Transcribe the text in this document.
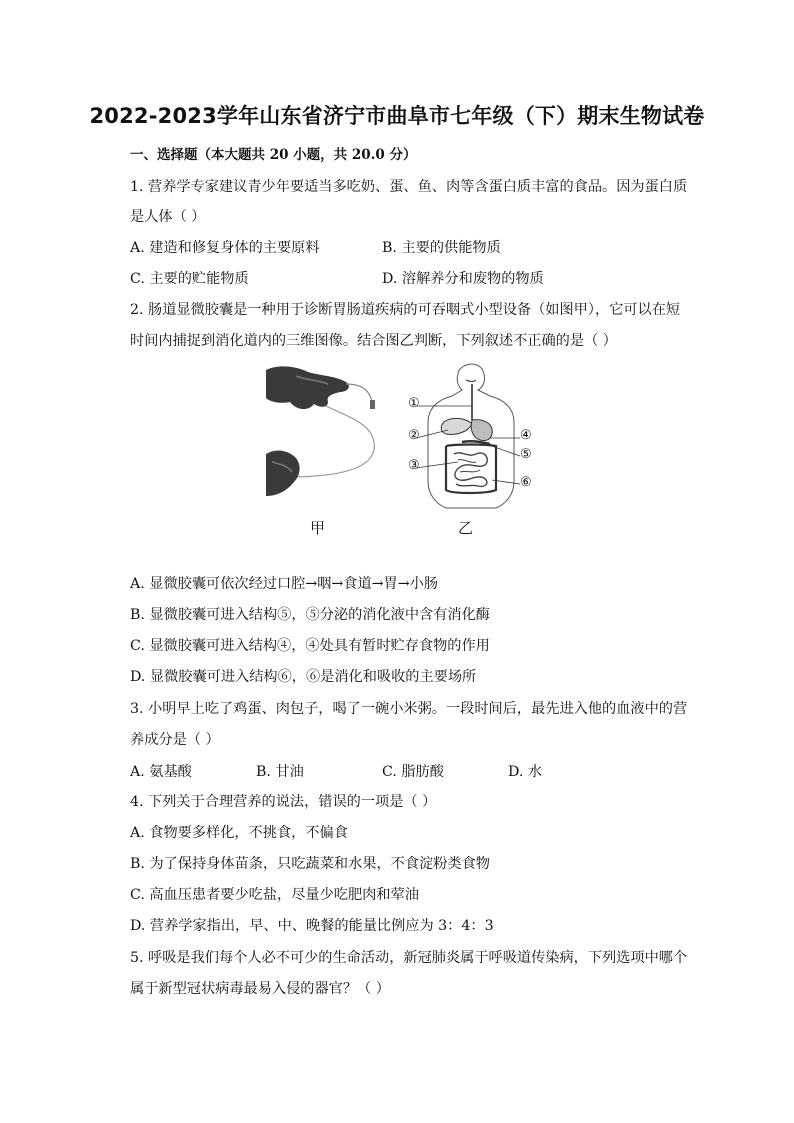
2022-2023学年山东省济宁市曲阜市七年级（下）期末生物试卷
一、选择题（本大题共 20 小题，共 20.0 分）
1. 营养学专家建议青少年要适当多吃奶、蛋、鱼、肉等含蛋白质丰富的食品。因为蛋白质
是人体（ ）
A. 建造和修复身体的主要原料	B. 主要的供能物质
C. 主要的贮能物质	D. 溶解养分和废物的物质
2. 肠道显微胶囊是一种用于诊断胃肠道疾病的可吞咽式小型设备（如图甲），它可以在短
时间内捕捉到消化道内的三维图像。结合图乙判断，下列叙述不正确的是（ ）
甲
①
②
③
④
⑤
⑥
乙
A. 显微胶囊可依次经过口腔→咽→食道→胃→小肠
B. 显微胶囊可进入结构⑤，⑤分泌的消化液中含有消化酶
C. 显微胶囊可进入结构④，④处具有暂时贮存食物的作用
D. 显微胶囊可进入结构⑥，⑥是消化和吸收的主要场所
3. 小明早上吃了鸡蛋、肉包子，喝了一碗小米粥。一段时间后，最先进入他的血液中的营
养成分是（ ）
A. 氨基酸	B. 甘油	C. 脂肪酸	D. 水
4. 下列关于合理营养的说法，错误的一项是（ ）
A. 食物要多样化，不挑食，不偏食
B. 为了保持身体苗条，只吃蔬菜和水果，不食淀粉类食物
C. 高血压患者要少吃盐，尽量少吃肥肉和荤油
D. 营养学家指出，早、中、晚餐的能量比例应为 3：4：3
5. 呼吸是我们每个人必不可少的生命活动，新冠肺炎属于呼吸道传染病，下列选项中哪个
属于新型冠状病毒最易入侵的器官？（ ）
